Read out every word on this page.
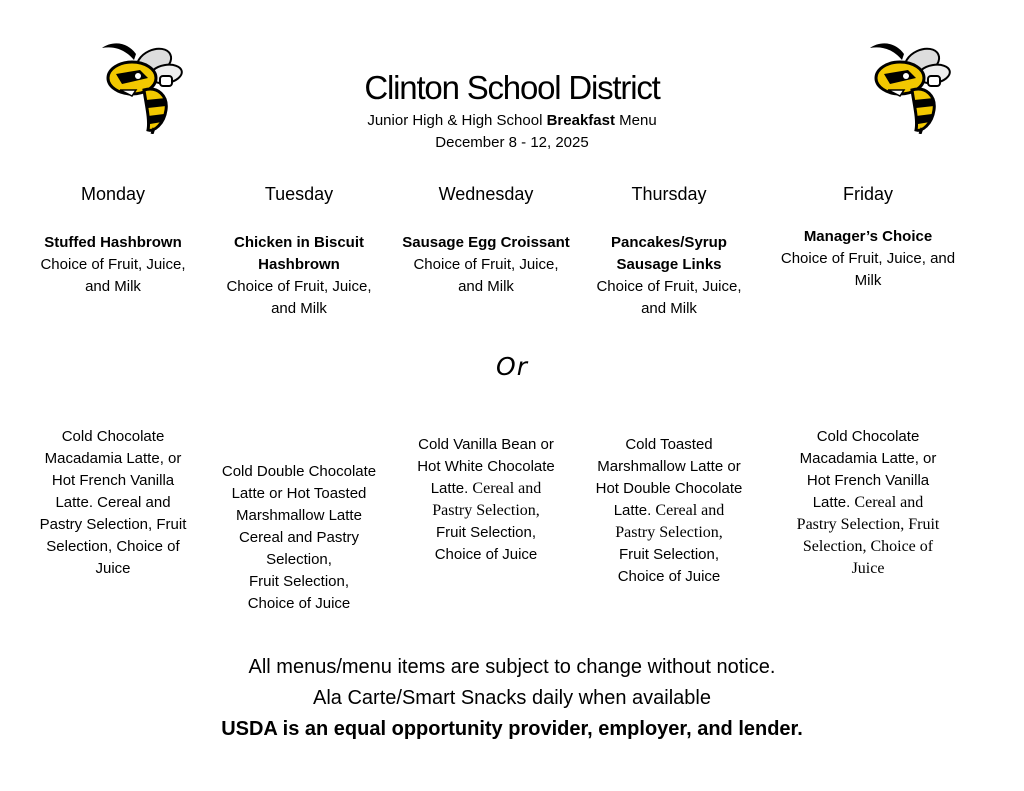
Clinton School District
Junior High & High School Breakfast Menu
December 8 - 12, 2025
Monday
Stuffed Hashbrown
Choice of Fruit, Juice,
and Milk
Tuesday
Chicken in Biscuit Hashbrown
Choice of Fruit, Juice,
and Milk
Wednesday
Sausage Egg Croissant
Choice of Fruit, Juice,
and Milk
Thursday
Pancakes/Syrup Sausage Links
Choice of Fruit, Juice,
and Milk
Friday
Manager’s Choice
Choice of Fruit, Juice, and
Milk
Or
Cold Chocolate
Macadamia Latte, or
Hot French Vanilla
Latte. Cereal and
Pastry Selection, Fruit
Selection, Choice of
Juice
Cold Double Chocolate
Latte or Hot Toasted
Marshmallow Latte
Cereal and Pastry
Selection,
Fruit Selection,
Choice of Juice
Cold Vanilla Bean or
Hot White Chocolate
Latte. Cereal and
Pastry Selection,
Fruit Selection,
Choice of Juice
Cold Toasted
Marshmallow Latte or
Hot Double Chocolate
Latte. Cereal and
Pastry Selection,
Fruit Selection,
Choice of Juice
Cold Chocolate
Macadamia Latte, or
Hot French Vanilla
Latte. Cereal and
Pastry Selection, Fruit
Selection, Choice of
Juice
All menus/menu items are subject to change without notice.
Ala Carte/Smart Snacks daily when available
USDA is an equal opportunity provider, employer, and lender.
